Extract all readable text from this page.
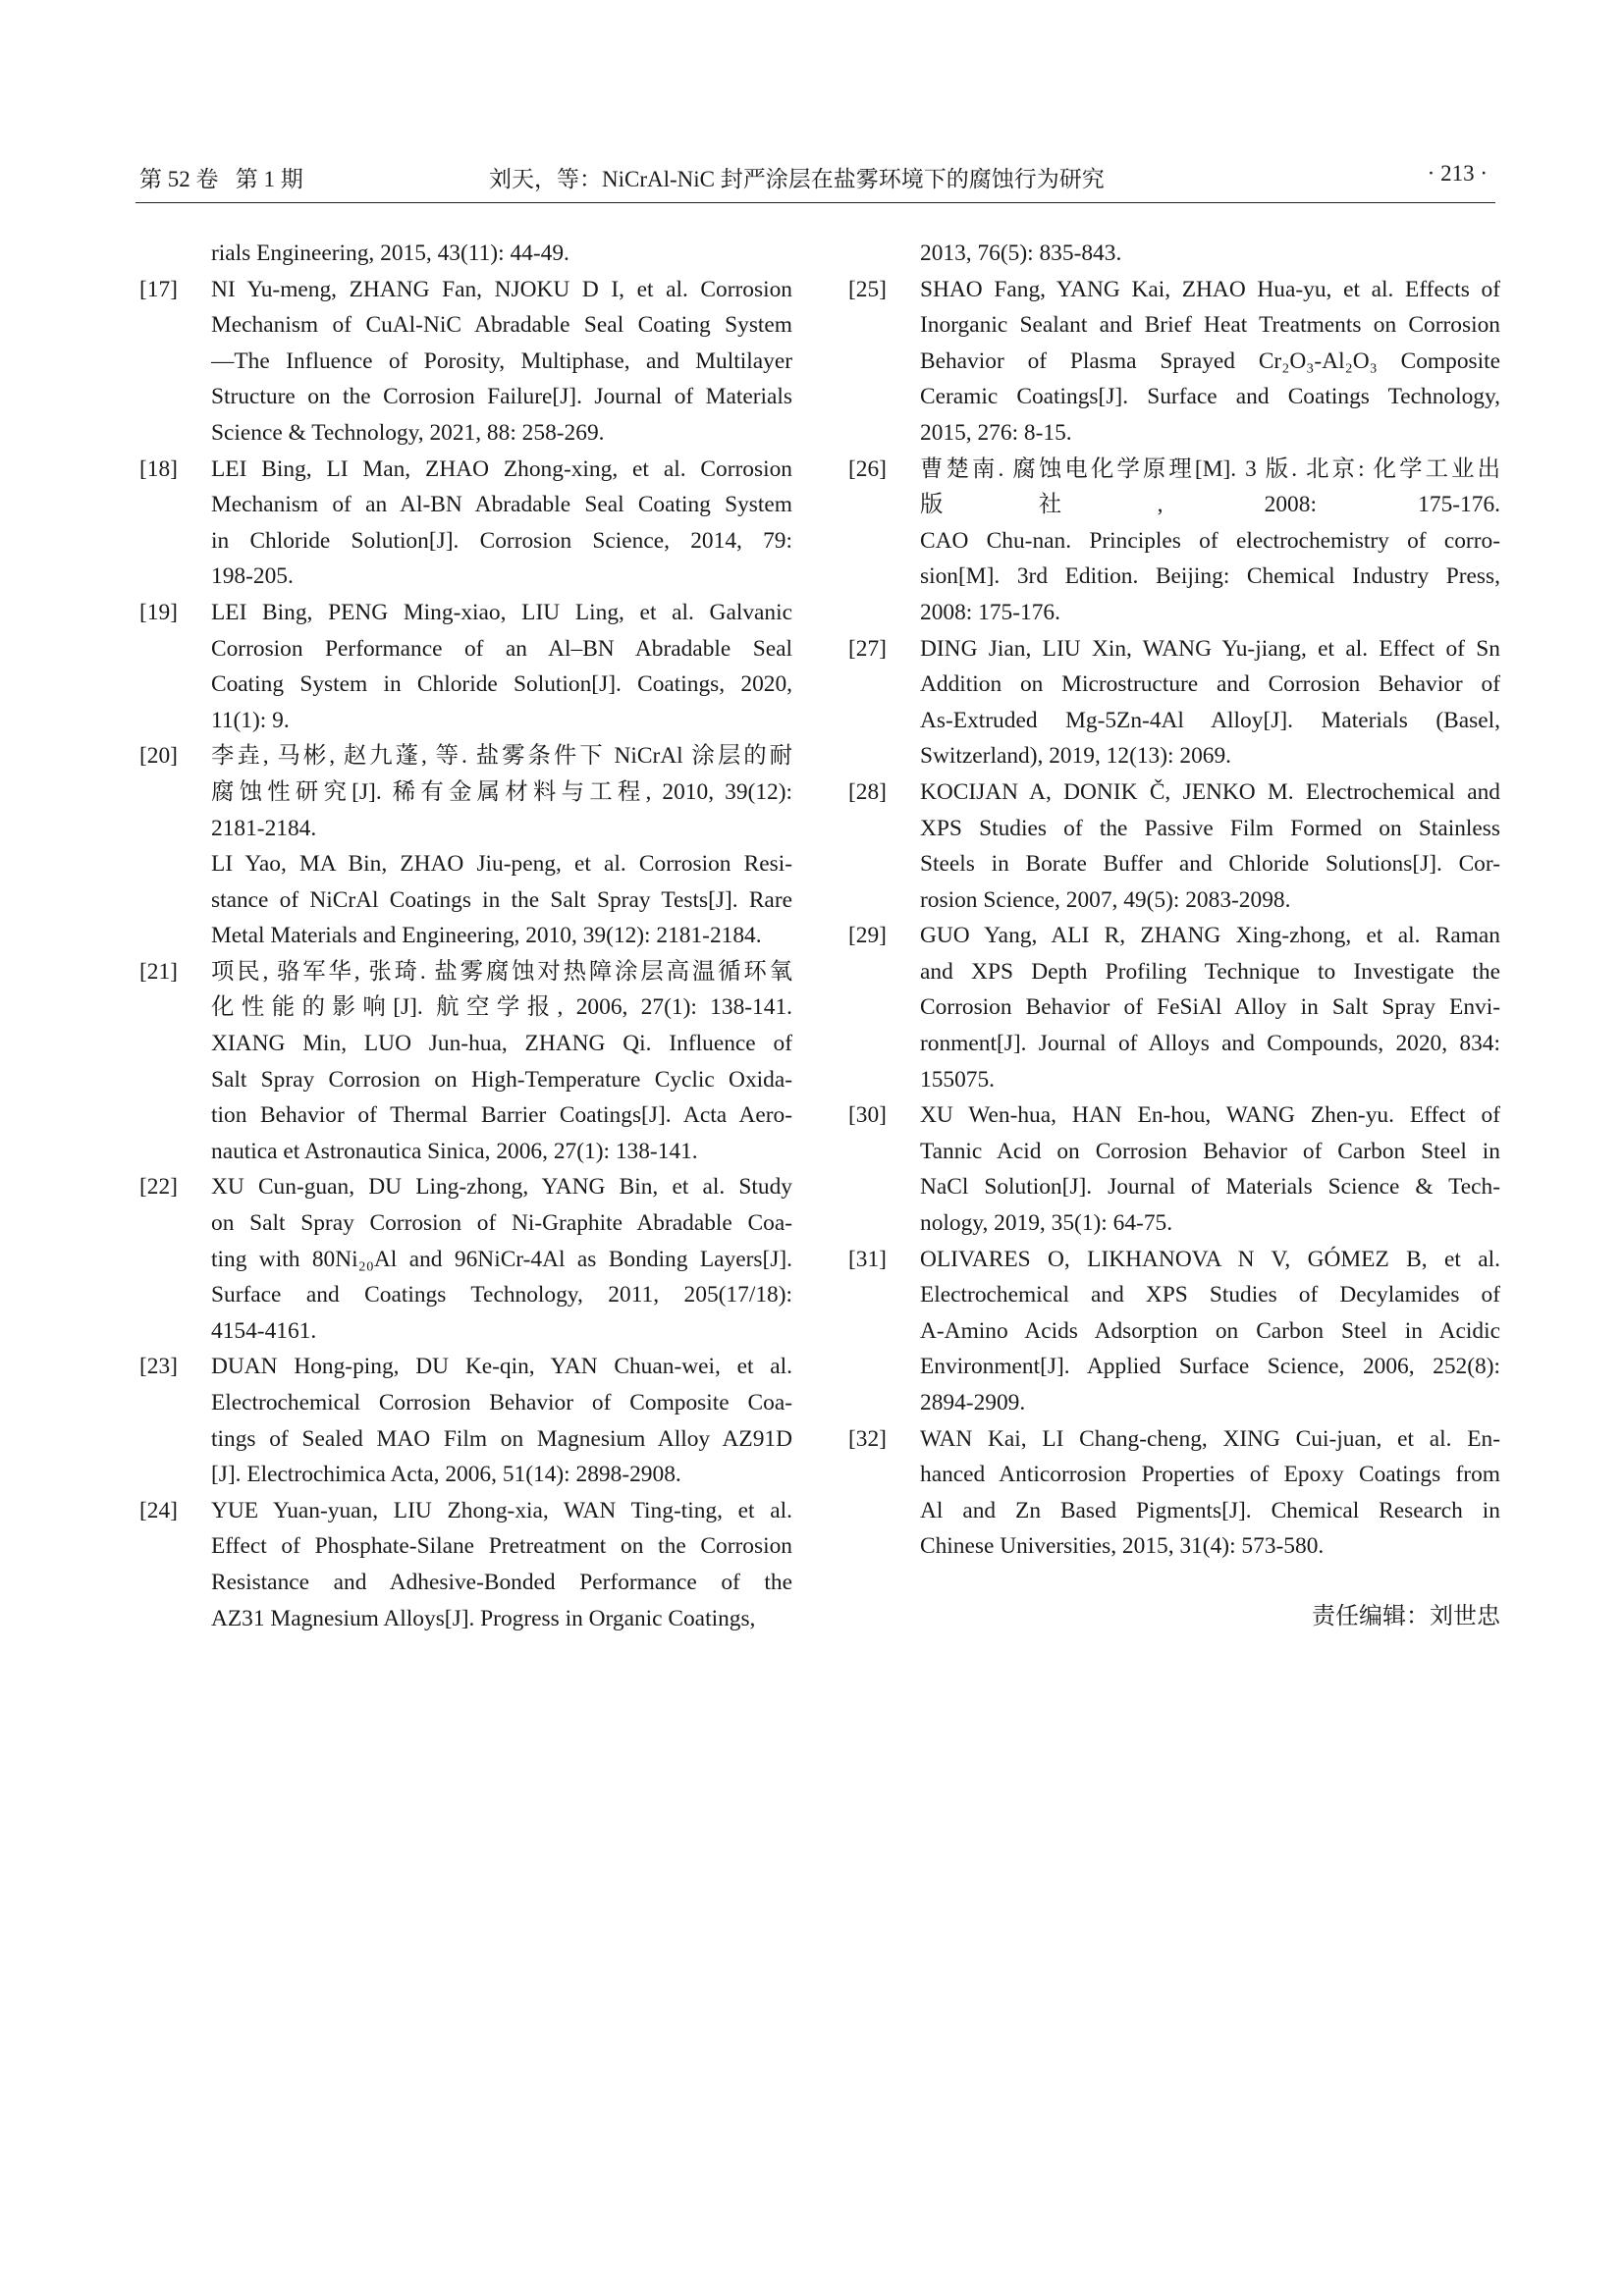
第 52 卷   第 1 期	刘天，等：NiCrAl-NiC 封严涂层在盐雾环境下的腐蚀行为研究	· 213 ·
rials Engineering, 2015, 43(11): 44-49.
[17] NI Yu-meng, ZHANG Fan, NJOKU D I, et al. Corrosion
Mechanism of CuAl-NiC Abradable Seal Coating System
—The Influence of Porosity, Multiphase, and Multilayer
Structure on the Corrosion Failure[J]. Journal of Materials
Science & Technology, 2021, 88: 258-269.
[18] LEI Bing, LI Man, ZHAO Zhong-xing, et al. Corrosion
Mechanism of an Al-BN Abradable Seal Coating System
in Chloride Solution[J]. Corrosion Science, 2014, 79:
198-205.
[19] LEI Bing, PENG Ming-xiao, LIU Ling, et al. Galvanic
Corrosion Performance of an Al–BN Abradable Seal
Coating System in Chloride Solution[J]. Coatings, 2020,
11(1): 9.
[20] 李垚, 马彬, 赵九蓬, 等. 盐雾条件下 NiCrAl 涂层的耐
腐蚀性研究[J]. 稀有金属材料与工程, 2010, 39(12):
2181-2184.
LI Yao, MA Bin, ZHAO Jiu-peng, et al. Corrosion Resi-
stance of NiCrAl Coatings in the Salt Spray Tests[J]. Rare
Metal Materials and Engineering, 2010, 39(12): 2181-2184.
[21] 项民, 骆军华, 张琦. 盐雾腐蚀对热障涂层高温循环氧
化性能的影响[J]. 航空学报, 2006, 27(1): 138-141.
XIANG Min, LUO Jun-hua, ZHANG Qi. Influence of
Salt Spray Corrosion on High-Temperature Cyclic Oxida-
tion Behavior of Thermal Barrier Coatings[J]. Acta Aero-
nautica et Astronautica Sinica, 2006, 27(1): 138-141.
[22] XU Cun-guan, DU Ling-zhong, YANG Bin, et al. Study
on Salt Spray Corrosion of Ni-Graphite Abradable Coa-
ting with 80Ni₂₀Al and 96NiCr-4Al as Bonding Layers[J].
Surface and Coatings Technology, 2011, 205(17/18):
4154-4161.
[23] DUAN Hong-ping, DU Ke-qin, YAN Chuan-wei, et al.
Electrochemical Corrosion Behavior of Composite Coa-
tings of Sealed MAO Film on Magnesium Alloy AZ91D
[J]. Electrochimica Acta, 2006, 51(14): 2898-2908.
[24] YUE Yuan-yuan, LIU Zhong-xia, WAN Ting-ting, et al.
Effect of Phosphate-Silane Pretreatment on the Corrosion
Resistance and Adhesive-Bonded Performance of the
AZ31 Magnesium Alloys[J]. Progress in Organic Coatings,
2013, 76(5): 835-843.
[25] SHAO Fang, YANG Kai, ZHAO Hua-yu, et al. Effects of
Inorganic Sealant and Brief Heat Treatments on Corrosion
Behavior of Plasma Sprayed Cr₂O₃-Al₂O₃ Composite
Ceramic Coatings[J]. Surface and Coatings Technology,
2015, 276: 8-15.
[26] 曹楚南. 腐蚀电化学原理[M]. 3 版. 北京: 化学工业出
版社, 2008: 175-176.
CAO Chu-nan. Principles of electrochemistry of corro-
sion[M]. 3rd Edition. Beijing: Chemical Industry Press,
2008: 175-176.
[27] DING Jian, LIU Xin, WANG Yu-jiang, et al. Effect of Sn
Addition on Microstructure and Corrosion Behavior of
As-Extruded Mg-5Zn-4Al Alloy[J]. Materials (Basel,
Switzerland), 2019, 12(13): 2069.
[28] KOCIJAN A, DONIK Č, JENKO M. Electrochemical and
XPS Studies of the Passive Film Formed on Stainless
Steels in Borate Buffer and Chloride Solutions[J]. Cor-
rosion Science, 2007, 49(5): 2083-2098.
[29] GUO Yang, ALI R, ZHANG Xing-zhong, et al. Raman
and XPS Depth Profiling Technique to Investigate the
Corrosion Behavior of FeSiAl Alloy in Salt Spray Envi-
ronment[J]. Journal of Alloys and Compounds, 2020, 834:
155075.
[30] XU Wen-hua, HAN En-hou, WANG Zhen-yu. Effect of
Tannic Acid on Corrosion Behavior of Carbon Steel in
NaCl Solution[J]. Journal of Materials Science & Tech-
nology, 2019, 35(1): 64-75.
[31] OLIVARES O, LIKHANOVA N V, GÓMEZ B, et al.
Electrochemical and XPS Studies of Decylamides of
A-Amino Acids Adsorption on Carbon Steel in Acidic
Environment[J]. Applied Surface Science, 2006, 252(8):
2894-2909.
[32] WAN Kai, LI Chang-cheng, XING Cui-juan, et al. En-
hanced Anticorrosion Properties of Epoxy Coatings from
Al and Zn Based Pigments[J]. Chemical Research in
Chinese Universities, 2015, 31(4): 573-580.
责任编辑：刘世忠
